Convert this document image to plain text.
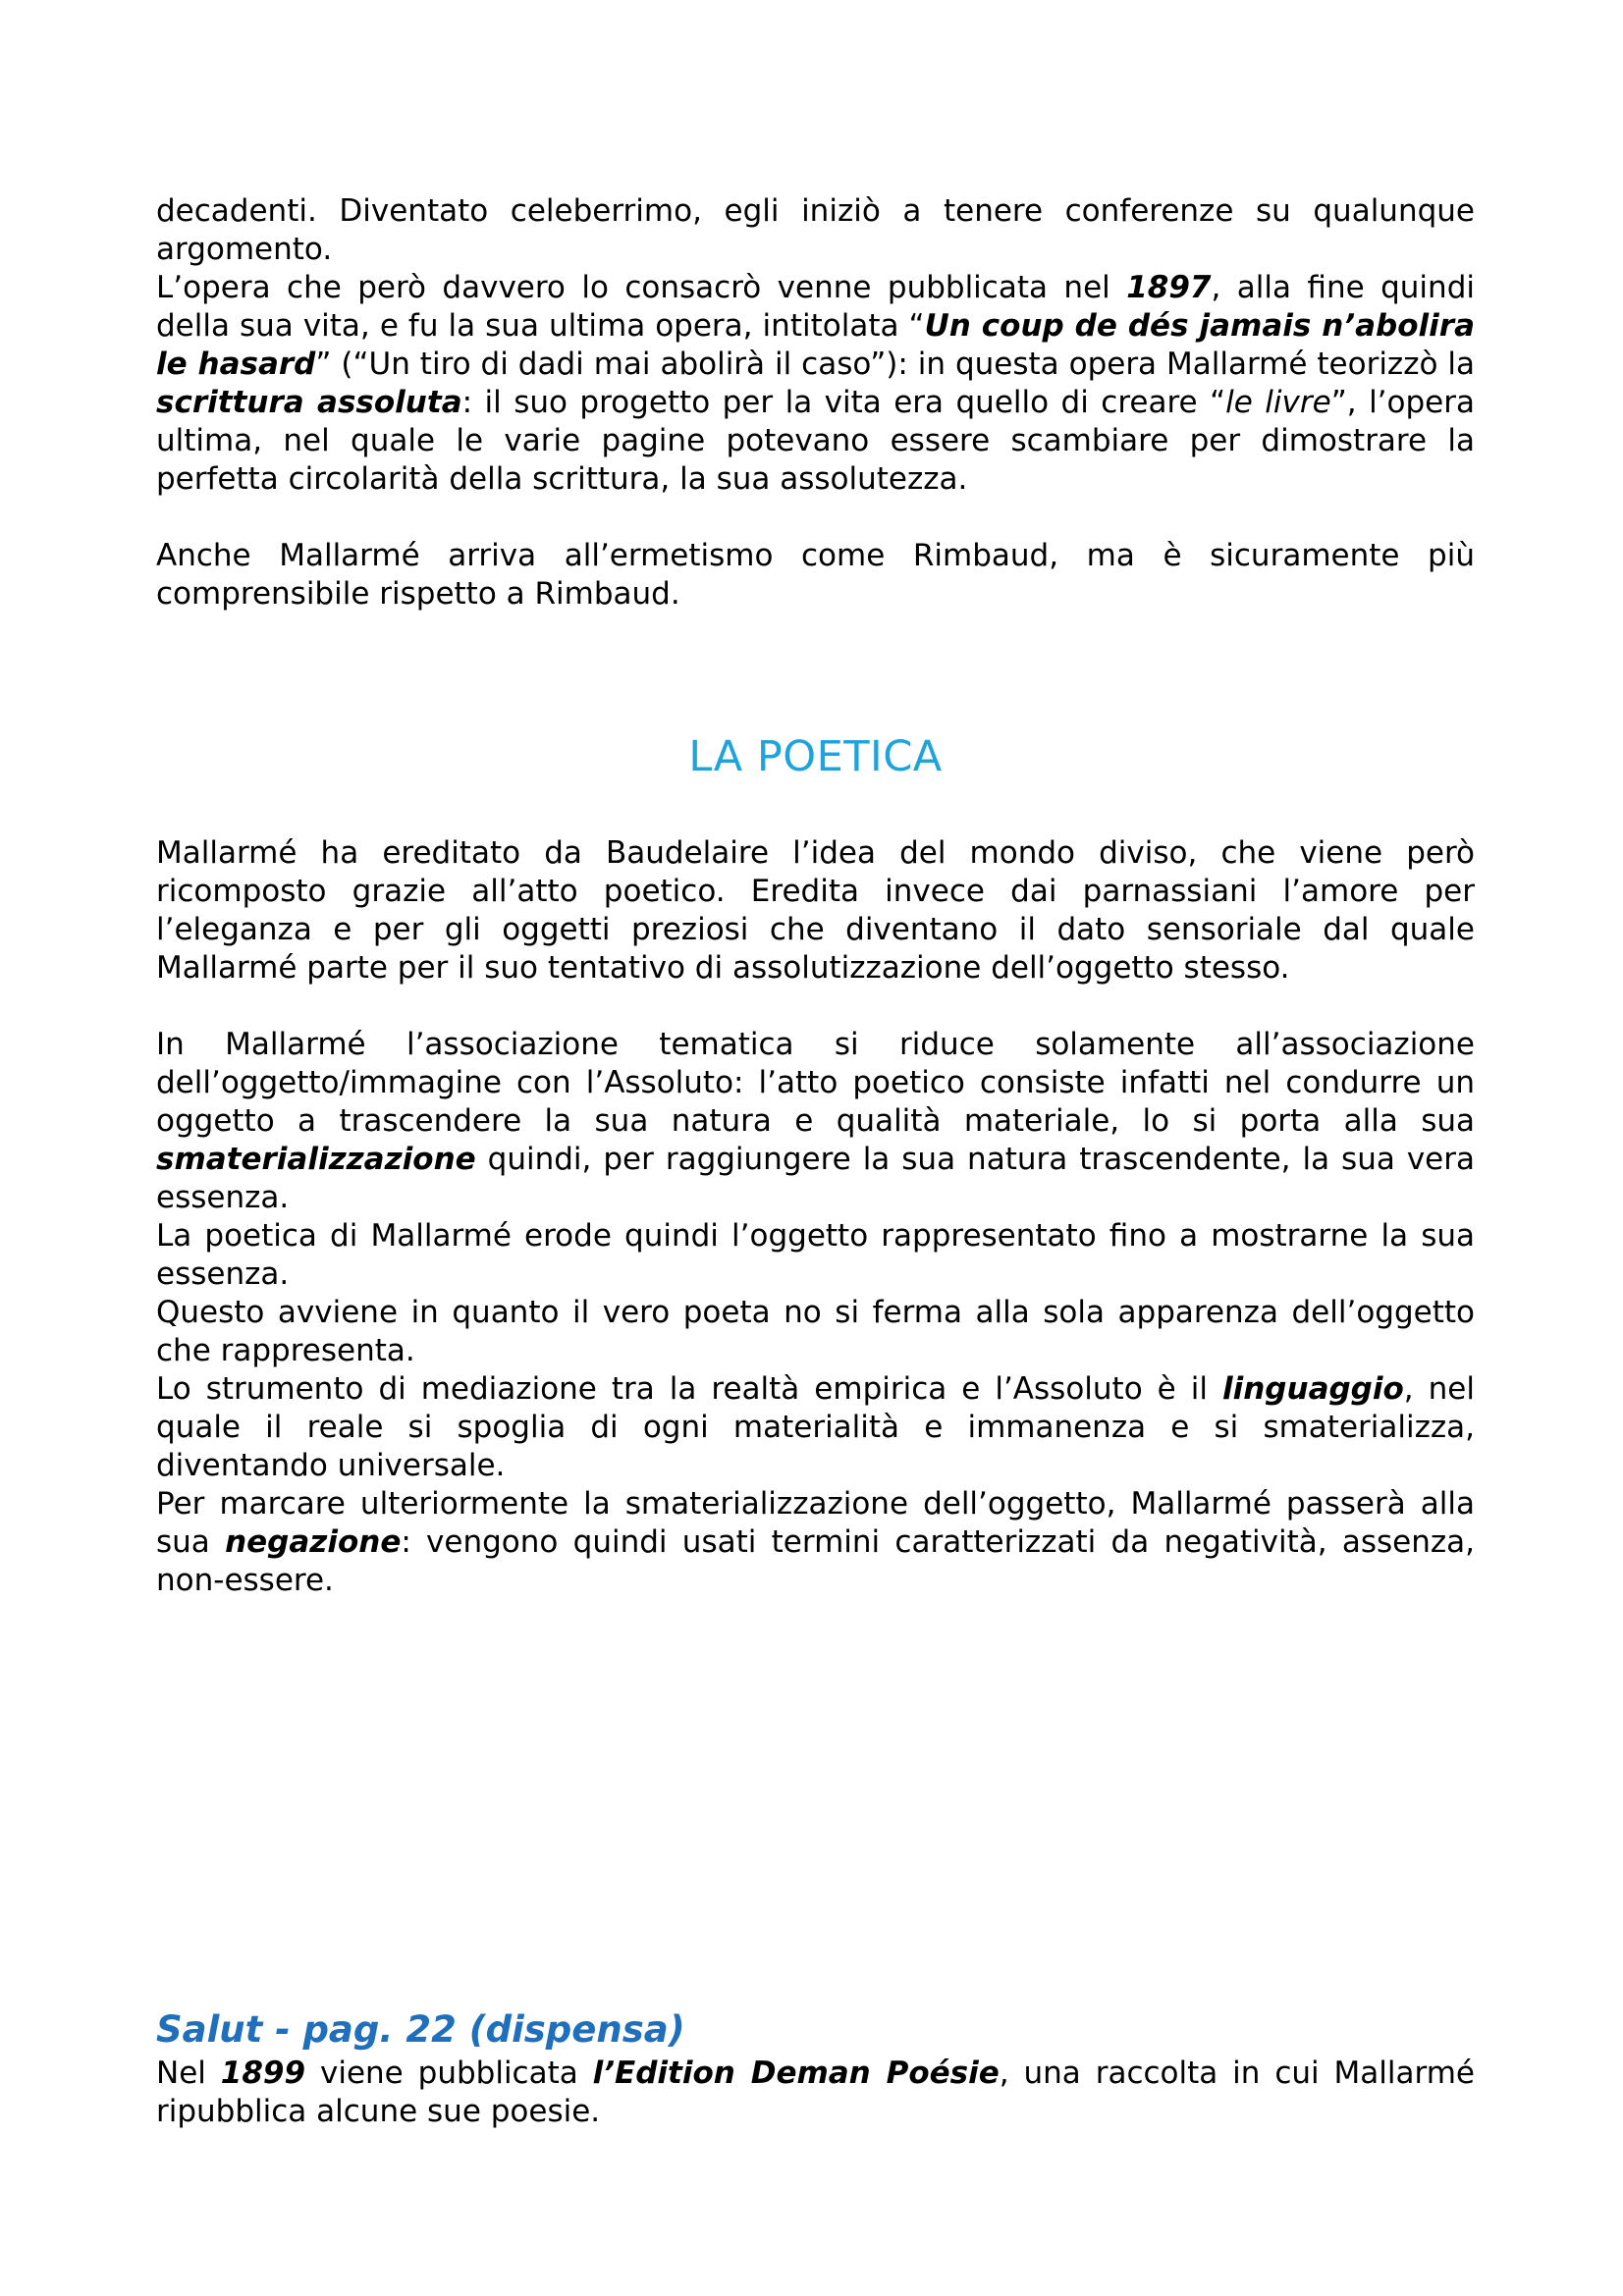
decadenti. Diventato celeberrimo, egli iniziò a tenere conferenze su qualunque argomento.

L’opera che però davvero lo consacrò venne pubblicata nel 1897, alla fine quindi della sua vita, e fu la sua ultima opera, intitolata “Un coup de dés jamais n’abolira le hasard” (“Un tiro di dadi mai abolirà il caso”): in questa opera Mallarmé teorizzò la scrittura assoluta: il suo progetto per la vita era quello di creare “le livre”, l’opera ultima, nel quale le varie pagine potevano essere scambiare per dimostrare la perfetta circolarità della scrittura, la sua assolutezza.

Anche Mallarmé arriva all’ermetismo come Rimbaud, ma è sicuramente più comprensibile rispetto a Rimbaud.

LA POETICA

Mallarmé ha ereditato da Baudelaire l’idea del mondo diviso, che viene però ricomposto grazie all’atto poetico. Eredita invece dai parnassiani l’amore per l’eleganza e per gli oggetti preziosi che diventano il dato sensoriale dal quale Mallarmé parte per il suo tentativo di assolutizzazione dell’oggetto stesso.

In Mallarmé l’associazione tematica si riduce solamente all’associazione dell’oggetto/immagine con l’Assoluto: l’atto poetico consiste infatti nel condurre un oggetto a trascendere la sua natura e qualità materiale, lo si porta alla sua smaterializzazione quindi, per raggiungere la sua natura trascendente, la sua vera essenza.

La poetica di Mallarmé erode quindi l’oggetto rappresentato fino a mostrarne la sua essenza.

Questo avviene in quanto il vero poeta no si ferma alla sola apparenza dell’oggetto che rappresenta.

Lo strumento di mediazione tra la realtà empirica e l’Assoluto è il linguaggio, nel quale il reale si spoglia di ogni materialità e immanenza e si smaterializza, diventando universale.

Per marcare ulteriormente la smaterializzazione dell’oggetto, Mallarmé passerà alla sua negazione: vengono quindi usati termini caratterizzati da negatività, assenza, non-essere.

Salut - pag. 22 (dispensa)

Nel 1899 viene pubblicata l’Edition Deman Poésie, una raccolta in cui Mallarmé ripubblica alcune sue poesie.
